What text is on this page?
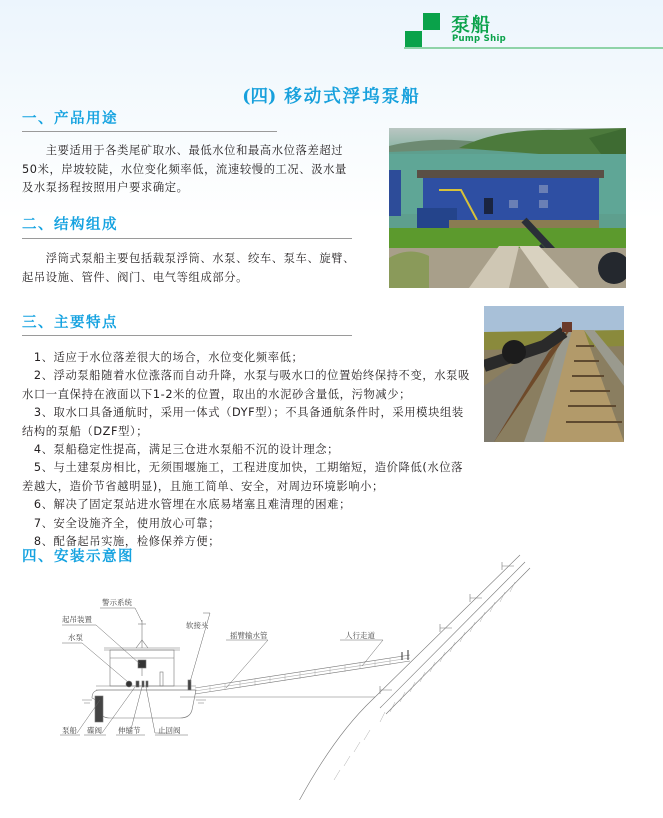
泵船
Pump Ship
(四) 移动式浮坞泵船
一、产品用途

主要适用于各类尾矿取水、最低水位和最高水位落差超过50米，岸坡较陡，水位变化频率低，流速较慢的工况、汲水量及水泵扬程按照用户要求确定。

二、结构组成

浮筒式泵船主要包括载泵浮筒、水泵、绞车、泵车、旋臂、起吊设施、管件、阀门、电气等组成部分。

三、主要特点

1、适应于水位落差很大的场合，水位变化频率低；

2、浮动泵船随着水位涨落而自动升降，水泵与吸水口的位置始终保持不变，水泵吸水口一直保持在液面以下1-2米的位置，取出的水泥砂含量低，污物减少；

3、取水口具备通航时，采用一体式（DYF型）；不具备通航条件时，采用模块组装结构的泵船（DZF型）；

4、泵船稳定性提高，满足三仓进水泵船不沉的设计理念；

5、与土建泵房相比，无须围堰施工，工程进度加快，工期缩短，造价降低(水位落差越大，造价节省越明显)，且施工简单、安全，对周边环境影响小；

6、解决了固定泵站进水管埋在水底易堵塞且难清理的困难；

7、安全设施齐全，使用放心可靠；

8、配备起吊实施，检修保养方便；

四、安装示意图
警示系统
起吊装置
水泵
软接头
摇臂输水管	人行走道
泵船 碟阀 伸缩节 止回阀
